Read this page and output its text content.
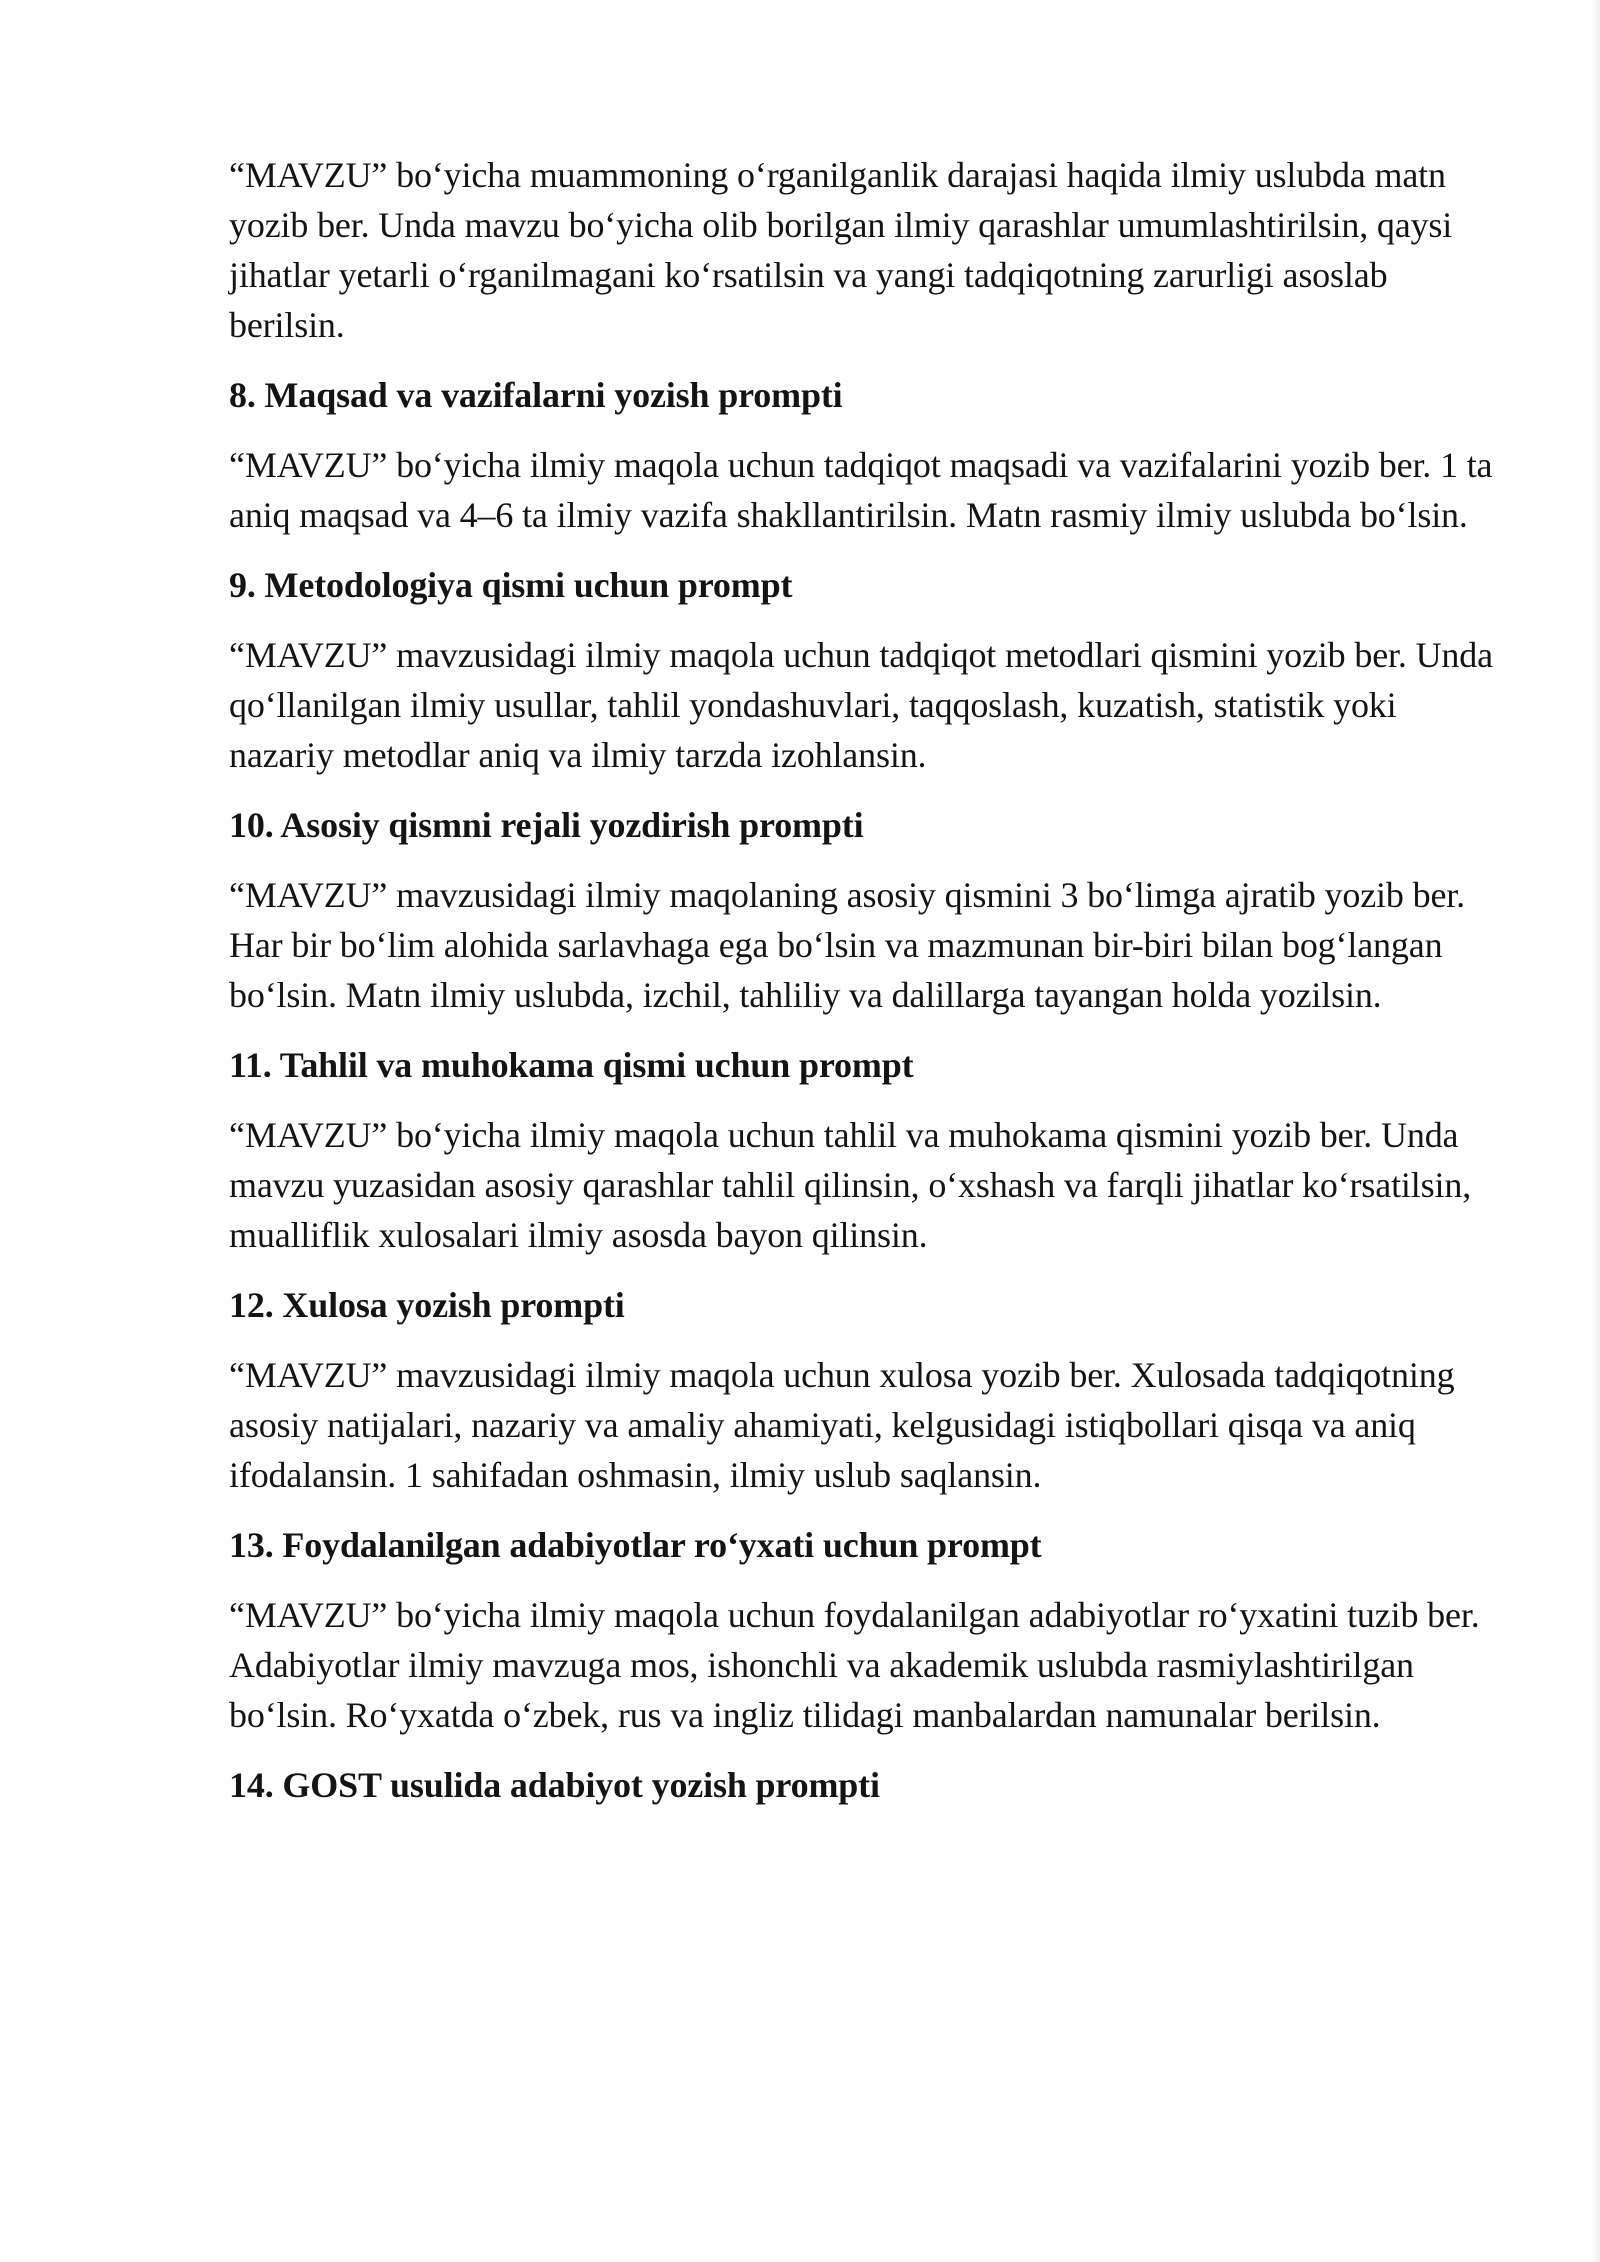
“MAVZU” bo‘yicha muammoning o‘rganilganlik darajasi haqida ilmiy uslubda matn yozib ber. Unda mavzu bo‘yicha olib borilgan ilmiy qarashlar umumlashtirilsin, qaysi jihatlar yetarli o‘rganilmagani ko‘rsatilsin va yangi tadqiqotning zarurligi asoslab berilsin.

8. Maqsad va vazifalarni yozish prompti

“MAVZU” bo‘yicha ilmiy maqola uchun tadqiqot maqsadi va vazifalarini yozib ber. 1 ta aniq maqsad va 4–6 ta ilmiy vazifa shakllantirilsin. Matn rasmiy ilmiy uslubda bo‘lsin.

9. Metodologiya qismi uchun prompt

“MAVZU” mavzusidagi ilmiy maqola uchun tadqiqot metodlari qismini yozib ber. Unda qo‘llanilgan ilmiy usullar, tahlil yondashuvlari, taqqoslash, kuzatish, statistik yoki nazariy metodlar aniq va ilmiy tarzda izohlansin.

10. Asosiy qismni rejali yozdirish prompti

“MAVZU” mavzusidagi ilmiy maqolaning asosiy qismini 3 bo‘limga ajratib yozib ber. Har bir bo‘lim alohida sarlavhaga ega bo‘lsin va mazmunan bir-biri bilan bog‘langan bo‘lsin. Matn ilmiy uslubda, izchil, tahliliy va dalillarga tayangan holda yozilsin.

11. Tahlil va muhokama qismi uchun prompt

“MAVZU” bo‘yicha ilmiy maqola uchun tahlil va muhokama qismini yozib ber. Unda mavzu yuzasidan asosiy qarashlar tahlil qilinsin, o‘xshash va farqli jihatlar ko‘rsatilsin, mualliflik xulosalari ilmiy asosda bayon qilinsin.

12. Xulosa yozish prompti

“MAVZU” mavzusidagi ilmiy maqola uchun xulosa yozib ber. Xulosada tadqiqotning asosiy natijalari, nazariy va amaliy ahamiyati, kelgusidagi istiqbollari qisqa va aniq ifodalansin. 1 sahifadan oshmasin, ilmiy uslub saqlansin.

13. Foydalanilgan adabiyotlar ro‘yxati uchun prompt

“MAVZU” bo‘yicha ilmiy maqola uchun foydalanilgan adabiyotlar ro‘yxatini tuzib ber. Adabiyotlar ilmiy mavzuga mos, ishonchli va akademik uslubda rasmiylashtirilgan bo‘lsin. Ro‘yxatda o‘zbek, rus va ingliz tilidagi manbalardan namunalar berilsin.

14. GOST usulida adabiyot yozish prompti
